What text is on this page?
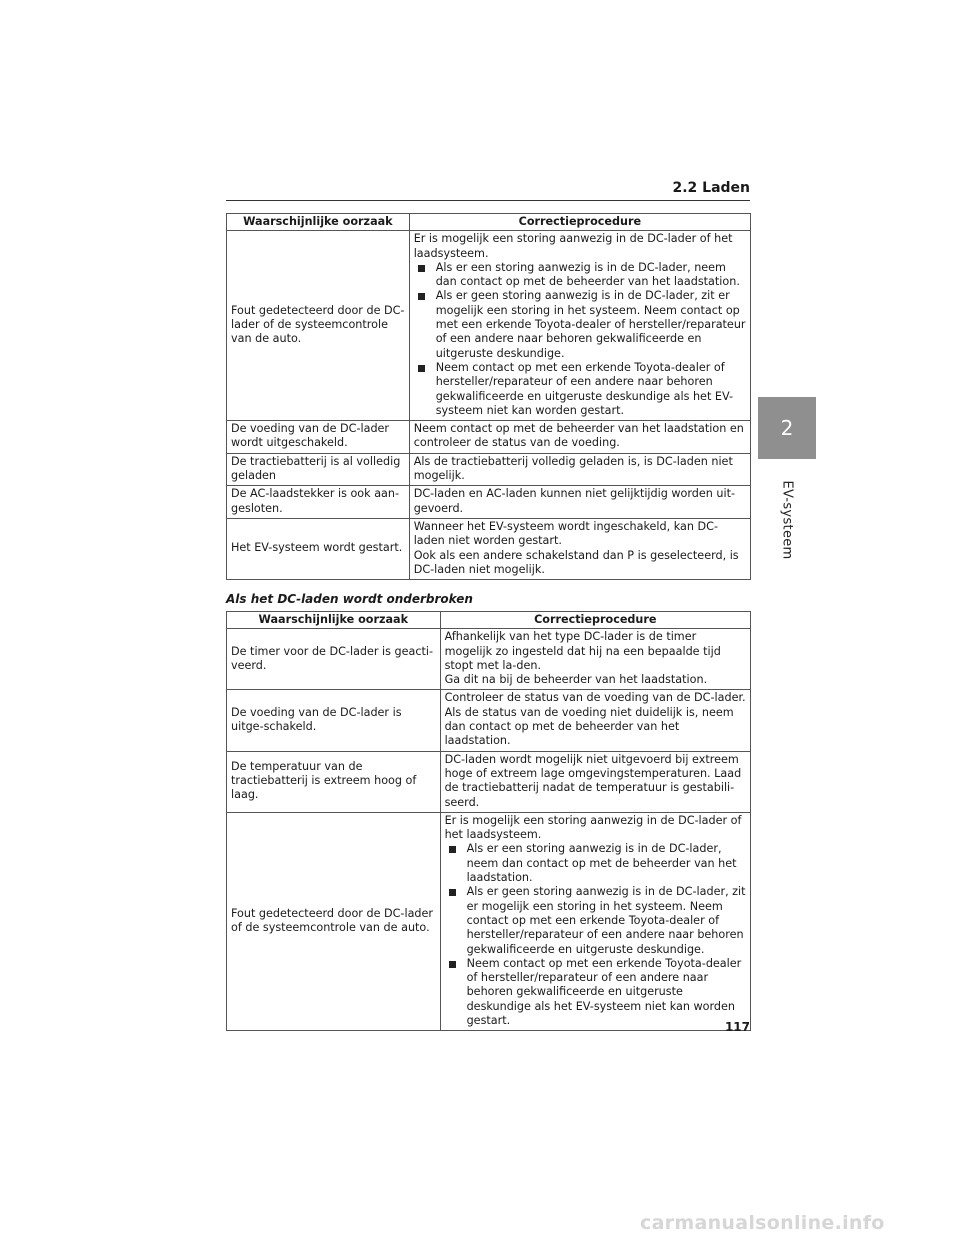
2.2 Laden
2
EV-systeem
Waarschijnlijke oorzaak	Correctieprocedure
Fout gedetecteerd door de DC-lader of de systeemcontrole van de auto.	Er is mogelijk een storing aanwezig in de DC-lader of het laadsysteem.
Als er een storing aanwezig is in de DC-lader, neem dan contact op met de beheerder van het laadstation.
Als er geen storing aanwezig is in de DC-lader, zit er mogelijk een storing in het systeem. Neem contact op met een erkende Toyota-dealer of hersteller/reparateur of een andere naar behoren gekwalificeerde en uitgeruste deskundige.
Neem contact op met een erkende Toyota-dealer of hersteller/reparateur of een andere naar behoren gekwalificeerde en uitgeruste deskundige als het EV-systeem niet kan worden gestart.

De voeding van de DC-lader wordt uitgeschakeld.	Neem contact op met de beheerder van het laadstation en controleer de status van de voeding.
De tractiebatterij is al volledig geladen	Als de tractiebatterij volledig geladen is, is DC-laden niet mogelijk.
De AC-laadstekker is ook aan-gesloten.	DC-laden en AC-laden kunnen niet gelijktijdig worden uit-gevoerd.
Het EV-systeem wordt gestart.	Wanneer het EV-systeem wordt ingeschakeld, kan DC-laden niet worden gestart.
Ook als een andere schakelstand dan P is geselecteerd, is DC-laden niet mogelijk.
Als het DC-laden wordt onderbroken
Waarschijnlijke oorzaak	Correctieprocedure
De timer voor de DC-lader is geacti-veerd.	Afhankelijk van het type DC-lader is de timer mogelijk zo ingesteld dat hij na een bepaalde tijd stopt met la-den.
Ga dit na bij de beheerder van het laadstation.

De voeding van de DC-lader is uitge-schakeld.	Controleer de status van de voeding van de DC-lader. Als de status van de voeding niet duidelijk is, neem dan contact op met de beheerder van het laadstation.
De temperatuur van de tractiebatterij is extreem hoog of laag.	DC-laden wordt mogelijk niet uitgevoerd bij extreem hoge of extreem lage omgevingstemperaturen. Laad de tractiebatterij nadat de temperatuur is gestabili-seerd.
Fout gedetecteerd door de DC-lader of de systeemcontrole van de auto.	Er is mogelijk een storing aanwezig in de DC-lader of het laadsysteem.
Als er een storing aanwezig is in de DC-lader, neem dan contact op met de beheerder van het laadstation.
Als er geen storing aanwezig is in de DC-lader, zit er mogelijk een storing in het systeem. Neem contact op met een erkende Toyota-dealer of hersteller/reparateur of een andere naar behoren gekwalificeerde en uitgeruste deskundige.
Neem contact op met een erkende Toyota-dealer of hersteller/reparateur of een andere naar behoren gekwalificeerde en uitgeruste deskundige als het EV-systeem niet kan worden gestart.	117
carmanualsonline.info
